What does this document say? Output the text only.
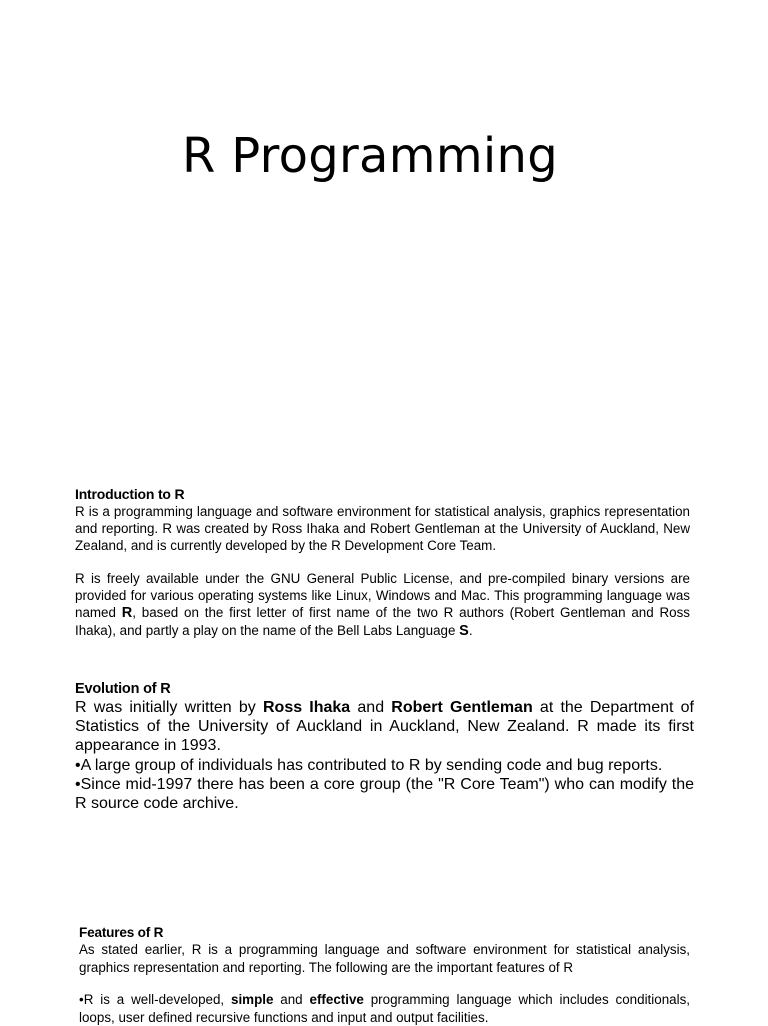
R Programming

Introduction to R

R is a programming language and software environment for statistical analysis, graphics representation and reporting. R was created by Ross Ihaka and Robert Gentleman at the University of Auckland, New Zealand, and is currently developed by the R Development Core Team.

R is freely available under the GNU General Public License, and pre-compiled binary versions are provided for various operating systems like Linux, Windows and Mac. This programming language was named R, based on the first letter of first name of the two R authors (Robert Gentleman and Ross Ihaka), and partly a play on the name of the Bell Labs Language S.

Evolution of R

R was initially written by Ross Ihaka and Robert Gentleman at the Department of Statistics of the University of Auckland in Auckland, New Zealand. R made its first appearance in 1993.

•A large group of individuals has contributed to R by sending code and bug reports.

•Since mid-1997 there has been a core group (the "R Core Team") who can modify the R source code archive.

Features of R

As stated earlier, R is a programming language and software environment for statistical analysis, graphics representation and reporting. The following are the important features of R

•R is a well-developed, simple and effective programming language which includes conditionals, loops, user defined recursive functions and input and output facilities.
